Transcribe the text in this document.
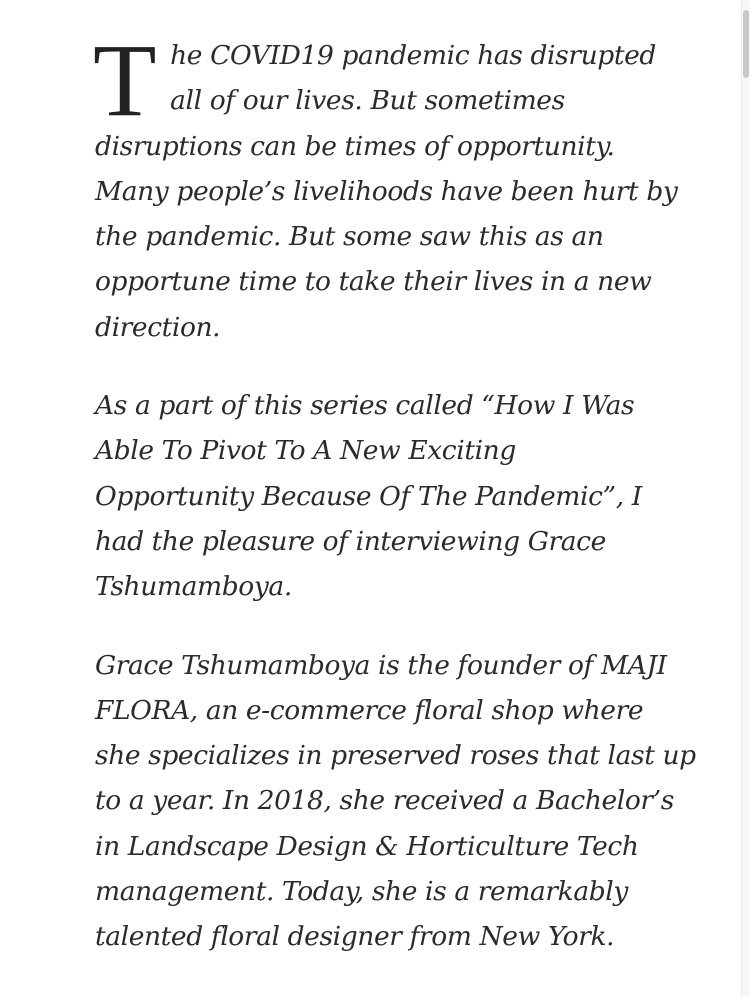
T he COVID19 pandemic has disrupted
all of our lives. But sometimes
disruptions can be times of opportunity.
Many people’s livelihoods have been hurt by
the pandemic. But some saw this as an
opportune time to take their lives in a new
direction.

As a part of this series called “How I Was
Able To Pivot To A New Exciting
Opportunity Because Of The Pandemic”, I
had the pleasure of interviewing Grace
Tshumamboya.

Grace Tshumamboya is the founder of MAJI
FLORA, an e-commerce floral shop where
she specializes in preserved roses that last up
to a year. In 2018, she received a Bachelor’s
in Landscape Design & Horticulture Tech
management. Today, she is a remarkably
talented floral designer from New York.
